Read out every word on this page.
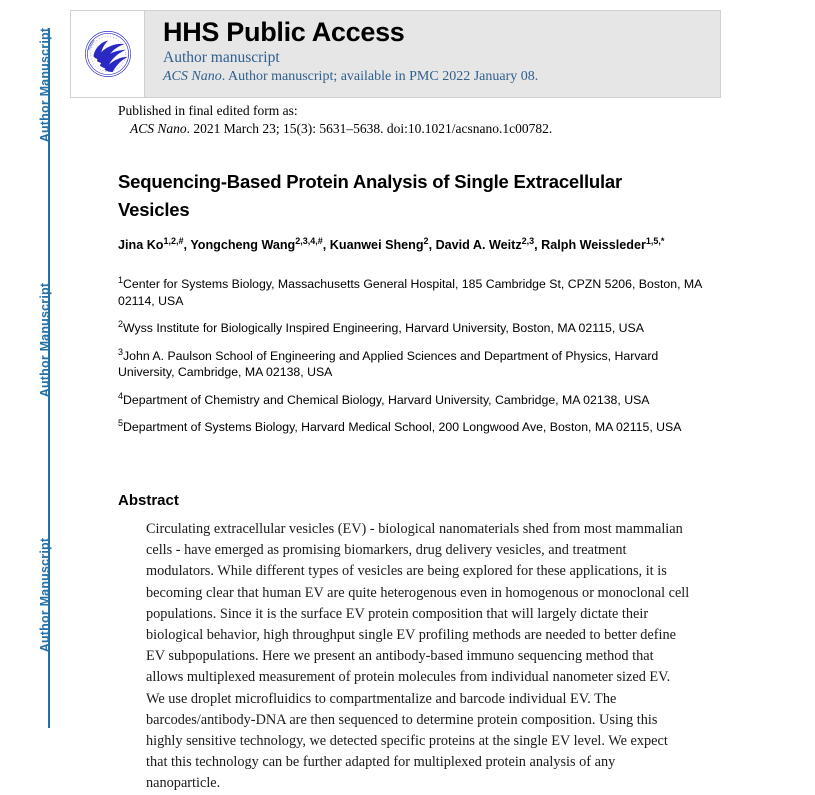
Author Manuscript
Author Manuscript
Author Manuscript
HUMAN	HHS Public Access
Author manuscript
ACS Nano. Author manuscript; available in PMC 2022 January 08.
Published in final edited form as:
ACS Nano. 2021 March 23; 15(3): 5631–5638. doi:10.1021/acsnano.1c00782.
Sequencing-Based Protein Analysis of Single Extracellular Vesicles
Jina $Ko^{1,2,\#}$, Yongcheng Wang$^{2,3,4,\#}$, Kuanwei Sheng$^2$, David A. Weitz$^{2,3}$, Ralph Weissleder$^{1,5,*}$

$^1$Center for Systems Biology, Massachusetts General Hospital, 185 Cambridge St, CPZN 5206, Boston, MA 02114, USA

$^2$Wyss Institute for Biologically Inspired Engineering, Harvard University, Boston, MA 02115, USA

$^3$John A. Paulson School of Engineering and Applied Sciences and Department of Physics, Harvard University, Cambridge, MA 02138, USA

$^4$Department of Chemistry and Chemical Biology, Harvard University, Cambridge, MA 02138, USA

$^5$Department of Systems Biology, Harvard Medical School, 200 Longwood Ave, Boston, MA 02115, USA

Abstract

Circulating extracellular vesicles (EV) - biological nanomaterials shed from most mammalian cells - have emerged as promising biomarkers, drug delivery vesicles, and treatment modulators. While different types of vesicles are being explored for these applications, it is becoming clear that human EV are quite heterogenous even in homogenous or monoclonal cell populations. Since it is the surface EV protein composition that will largely dictate their biological behavior, high throughput single EV profiling methods are needed to better define EV subpopulations. Here we present an antibody-based immuno sequencing method that allows multiplexed measurement of protein molecules from individual nanometer sized EV. We use droplet microfluidics to compartmentalize and barcode individual EV. The barcodes/antibody-DNA are then sequenced to determine protein composition. Using this highly sensitive technology, we detected specific proteins at the single EV level. We expect that this technology can be further adapted for multiplexed protein analysis of any nanoparticle.
